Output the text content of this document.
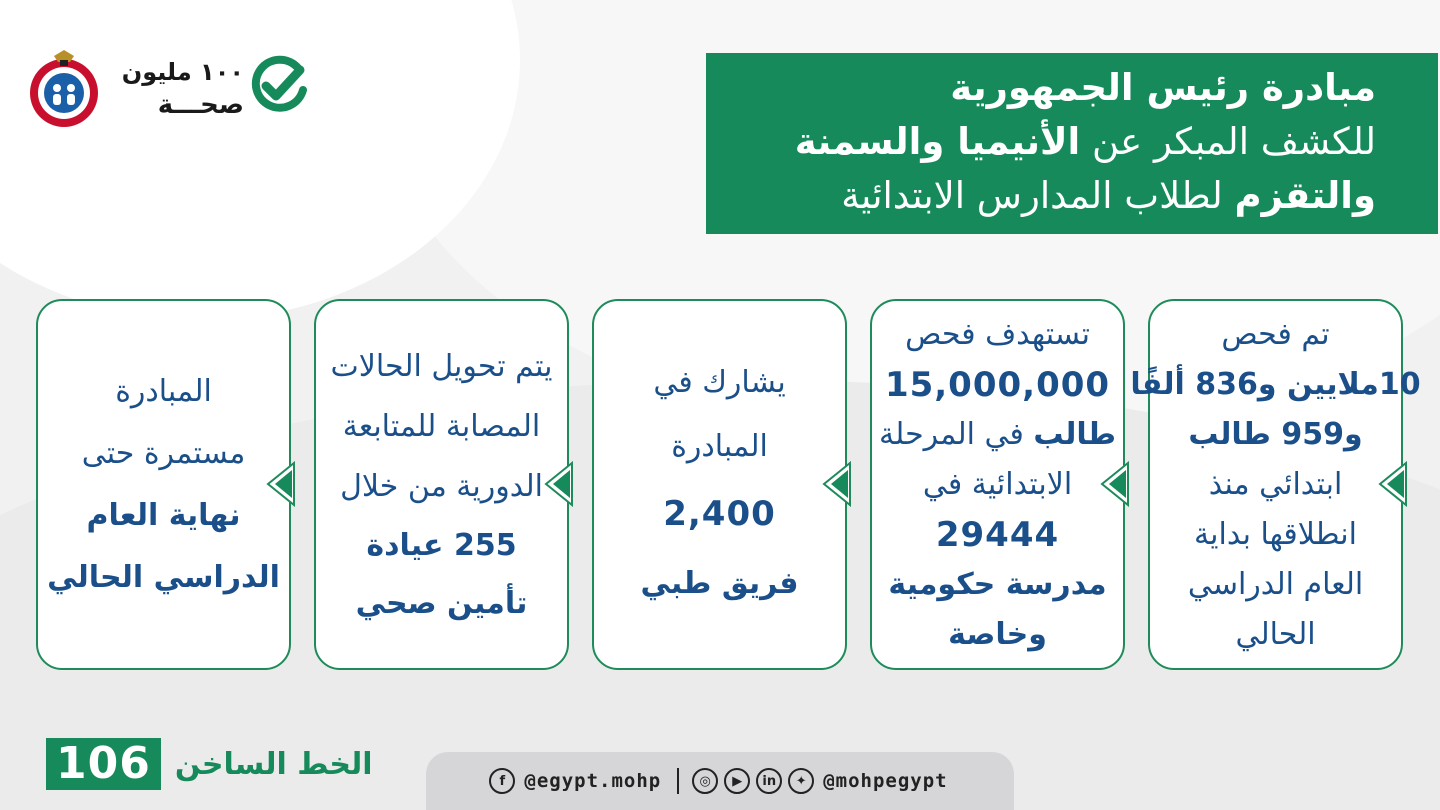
١٠٠ مليون
صحـــة	مبادرة رئيس الجمهورية
للكشف المبكر عن الأنيميا والسمنة
والتقزم لطلاب المدارس الابتدائية
تم فحص
10ملايين و836 ألفًا
و959 طالب
ابتدائي منذ
انطلاقها بداية
العام الدراسي
الحالي
تستهدف فحص
15,000,000
طالب في المرحلة
الابتدائية في
29444
مدرسة حكومية
وخاصة
يشارك في
المبادرة
2,400
فريق طبي
يتم تحويل الحالات
المصابة للمتابعة
الدورية من خلال
255 عيادة
تأمين صحي
المبادرة
مستمرة حتى
نهاية العام
الدراسي الحالي
106 الخط الساخن	f	@egypt.mohp	◎	▶	in	✦ @mohpegypt
